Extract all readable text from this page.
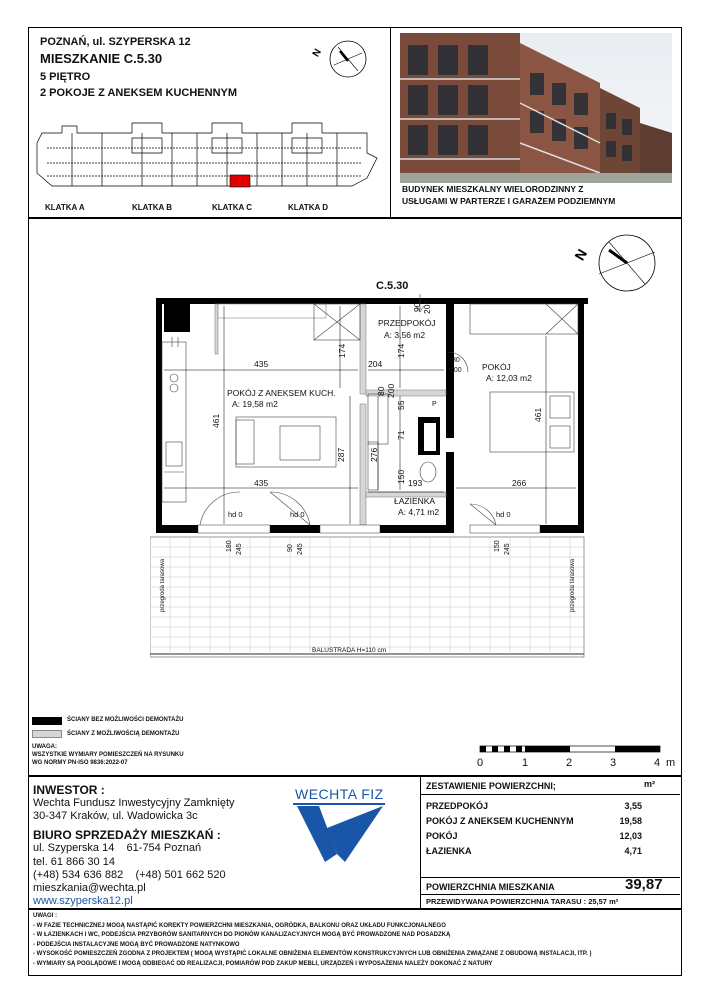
POZNAŃ, ul. SZYPERSKA 12
MIESZKANIE C.5.30
5 PIĘTRO
2 POKOJE Z ANEKSEM KUCHENNYM
N
KLATKA A	KLATKA B	KLATKA C	KLATKA D
BUDYNEK MIESZKALNY WIELORODZINNY Z
USŁUGAMI W PARTERZE I GARAŻEM PODZIEMNYM
N
C.5.30
PRZEDPOKÓJ
A: 3,56 m2
POKÓJ Z ANEKSEM KUCH.
A: 19,58 m2
POKÓJ
A: 12,03 m2
ŁAZIENKA
A: 4,71 m2
435
435
461
174	174
204
461
266
193
287	276
150
71
55
80 200
90 200
80
200
hd 0	hd 0	hd 0
180 245	90 245	150 245
P
BALUSTRADA H=110 cm
przegroda tarasowa	przegroda tarasowa
ŚCIANY BEZ MOŻLIWOŚCI DEMONTAŻU
ŚCIANY Z MOŻLIWOŚCIĄ DEMONTAŻU
UWAGA:
WSZYSTKIE WYMIARY POMIESZCZEŃ NA RYSUNKU
WG NORMY PN-ISO 9836:2022-07	0	1	2	3	4 m
INWESTOR :
Wechta Fundusz Inwestycyjny Zamknięty
30-347 Kraków, ul. Wadowicka 3c
BIURO SPRZEDAŻY MIESZKAŃ :
ul. Szyperska 14    61-754 Poznań
tel. 61 866 30 14
(+48) 534 636 882    (+48) 501 662 520
mieszkania@wechta.pl
www.szyperska12.pl
WECHTA FIZ	ZESTAWIENIE POWIERZCHNI;	m²
PRZEDPOKÓJ	3,55
POKÓJ Z ANEKSEM KUCHENNYM	19,58
POKÓJ	12,03
ŁAZIENKA	4,71
POWIERZCHNIA MIESZKANIA	39,87
PRZEWIDYWANA POWIERZCHNIA TARASU : 25,57 m²
UWAGI :
- W FAZIE TECHNICZNEJ MOGĄ NASTĄPIĆ KOREKTY POWIERZCHNI MIESZKANIA, OGRÓDKA, BALKONU ORAZ UKŁADU FUNKCJONALNEGO
- W ŁAZIENKACH I WC, PODEJŚCIA PRZYBORÓW SANITARNYCH DO PIONÓW KANALIZACYJNYCH MOGĄ BYĆ PROWADZONE NAD POSADZKĄ
- PODEJŚCIA INSTALACYJNE MOGĄ BYĆ PROWADZONE NATYNKOWO
- WYSOKOŚĆ POMIESZCZEŃ ZGODNA Z PROJEKTEM ( MOGĄ WYSTĄPIĆ LOKALNE OBNIŻENIA ELEMENTÓW KONSTRUKCYJNYCH LUB OBNIŻENIA ZWIĄZANE Z OBUDOWĄ INSTALACJI, ITP. )
- WYMIARY SĄ POGLĄDOWE I MOGĄ ODBIEGAĆ OD REALIZACJI, POMIARÓW POD ZAKUP MEBLI, URZĄDZEŃ I WYPOSAŻENIA NALEŻY DOKONAĆ Z NATURY
